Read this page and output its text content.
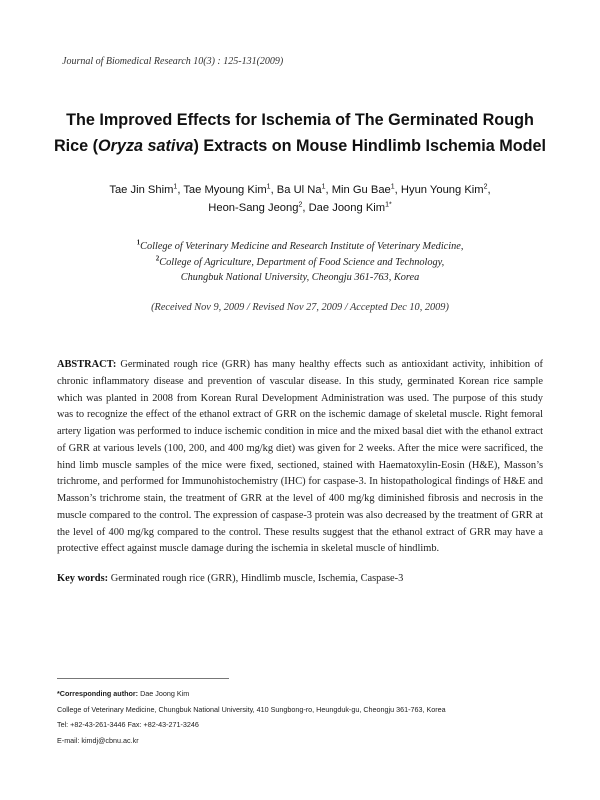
Journal of Biomedical Research 10(3) : 125-131(2009)
The Improved Effects for Ischemia of The Germinated Rough
Rice (Oryza sativa) Extracts on Mouse Hindlimb Ischemia Model
Tae Jin Shim$^1$, Tae Myoung Kim$^1$, Ba Ul Na$^1$, Min Gu Bae$^1$, Hyun Young Kim$^2$,
Heon-Sang Jeong$^2$, Dae Joong Kim$^{1*}$
$^1$College of Veterinary Medicine and Research Institute of Veterinary Medicine,
$^2$College of Agriculture, Department of Food Science and Technology,
Chungbuk National University, Cheongju 361-763, Korea
(Received Nov 9, 2009 / Revised Nov 27, 2009 / Accepted Dec 10, 2009)
ABSTRACT: Germinated rough rice (GRR) has many healthy effects such as antioxidant activity, inhibition of chronic inflammatory disease and prevention of vascular disease. In this study, germinated Korean rice sample which was planted in 2008 from Korean Rural Development Administration was used. The purpose of this study was to recognize the effect of the ethanol extract of GRR on the ischemic damage of skeletal muscle. Right femoral artery ligation was performed to induce ischemic condition in mice and the mixed basal diet with the ethanol extract of GRR at various levels (100, 200, and 400 mg/kg diet) was given for 2 weeks. After the mice were sacrificed, the hind limb muscle samples of the mice were fixed, sectioned, stained with Haematoxylin-Eosin (H&E), Masson’s trichrome, and performed for Immunohistochemistry (IHC) for caspase-3. In histopathological findings of H&E and Masson’s trichrome stain, the treatment of GRR at the level of 400 mg/kg diminished fibrosis and necrosis in the muscle compared to the control. The expression of caspase-3 protein was also decreased by the treatment of GRR at the level of 400 mg/kg compared to the control. These results suggest that the ethanol extract of GRR may have a protective effect against muscle damage during the ischemia in skeletal muscle of hindlimb.
Key words: Germinated rough rice (GRR), Hindlimb muscle, Ischemia, Caspase-3
*Corresponding author: Dae Joong Kim
College of Veterinary Medicine, Chungbuk National University, 410 Sungbong-ro, Heungduk-gu, Cheongju 361-763, Korea
Tel: +82-43-261-3446 Fax: +82-43-271-3246
E-mail: kimdj@cbnu.ac.kr
